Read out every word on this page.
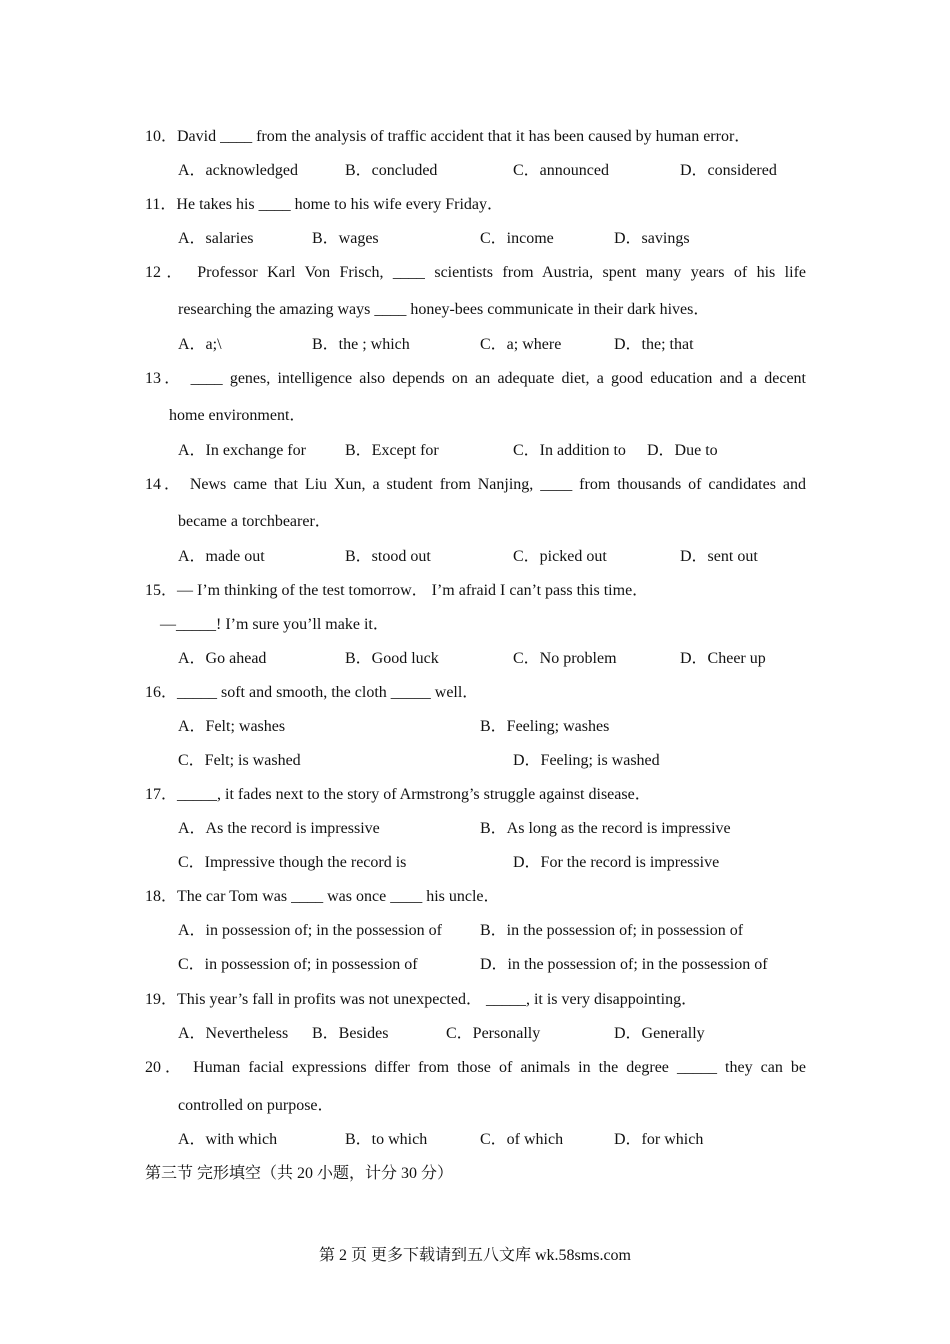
10．David ____ from the analysis of traffic accident that it has been caused by human error．
A．acknowledged	B．concluded	C．announced	D．considered
11．He takes his ____ home to his wife every Friday．
A．salaries	B．wages	C．income	D．savings
12． Professor Karl Von Frisch, ____ scientists from Austria, spent many years of his life
researching the amazing ways ____ honey-bees communicate in their dark hives．
A．a;\	B．the ; which	C．a; where	D．the; that
13． ____ genes, intelligence also depends on an adequate diet, a good education and a decent
home environment．
A．In exchange for B．Except for	C．In addition to D．Due to
14． News came that Liu Xun, a student from Nanjing, ____ from thousands of candidates and
became a torchbearer．
A．made out	B．stood out	C．picked out	D．sent out
15．— I’m thinking of the test tomorrow． I’m afraid I can’t pass this time．
—_____! I’m sure you’ll make it．
A．Go ahead	B．Good luck	C．No problem	D．Cheer up
16．_____ soft and smooth, the cloth _____ well．
A．Felt; washes	B．Feeling; washes
C．Felt; is washed	D．Feeling; is washed
17．_____, it fades next to the story of Armstrong’s struggle against disease．
A．As the record is impressive	B．As long as the record is impressive
C．Impressive though the record is	D．For the record is impressive
18．The car Tom was ____ was once ____ his uncle．
A．in possession of; in the possession of B．in the possession of; in possession of
C．in possession of; in possession of	D．in the possession of; in the possession of
19．This year’s fall in profits was not unexpected． _____, it is very disappointing．
A．Nevertheless B．Besides	C．Personally	D．Generally
20． Human facial expressions differ from those of animals in the degree _____ they can be
controlled on purpose．
A．with which	B．to which	C．of which	D．for which
第三节 完形填空（共 20 小题，计分 30 分）
第 2 页 更多下载请到五八文库 wk.58sms.com
